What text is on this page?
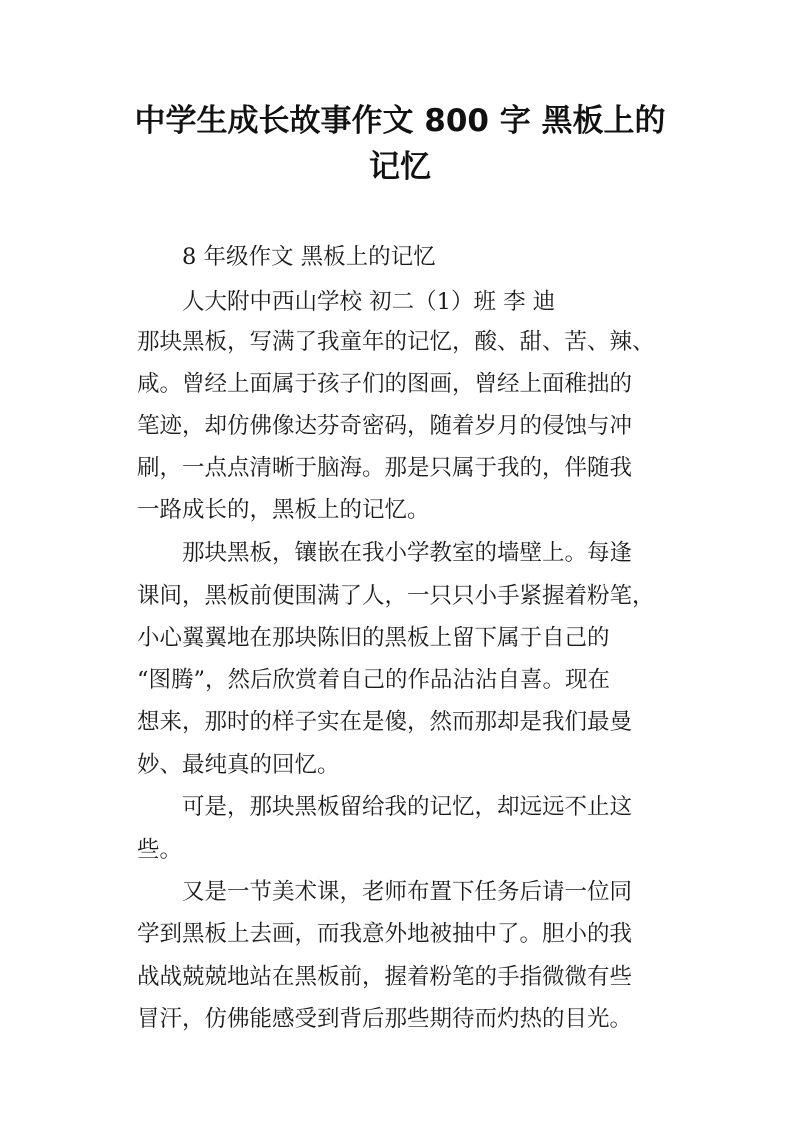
中学生成长故事作文 800 字 黑板上的
记忆
8 年级作文 黑板上的记忆
人大附中西山学校 初二（1）班 李 迪
那块黑板，写满了我童年的记忆，酸、甜、苦、辣、
咸。曾经上面属于孩子们的图画，曾经上面稚拙的
笔迹，却仿佛像达芬奇密码，随着岁月的侵蚀与冲
刷，一点点清晰于脑海。那是只属于我的，伴随我
一路成长的，黑板上的记忆。
那块黑板，镶嵌在我小学教室的墙壁上。每逢
课间，黑板前便围满了人，一只只小手紧握着粉笔，
小心翼翼地在那块陈旧的黑板上留下属于自己的
“图腾”，然后欣赏着自己的作品沾沾自喜。现在
想来，那时的样子实在是傻，然而那却是我们最曼
妙、最纯真的回忆。
可是，那块黑板留给我的记忆，却远远不止这
些。
又是一节美术课，老师布置下任务后请一位同
学到黑板上去画，而我意外地被抽中了。胆小的我
战战兢兢地站在黑板前，握着粉笔的手指微微有些
冒汗，仿佛能感受到背后那些期待而灼热的目光。
